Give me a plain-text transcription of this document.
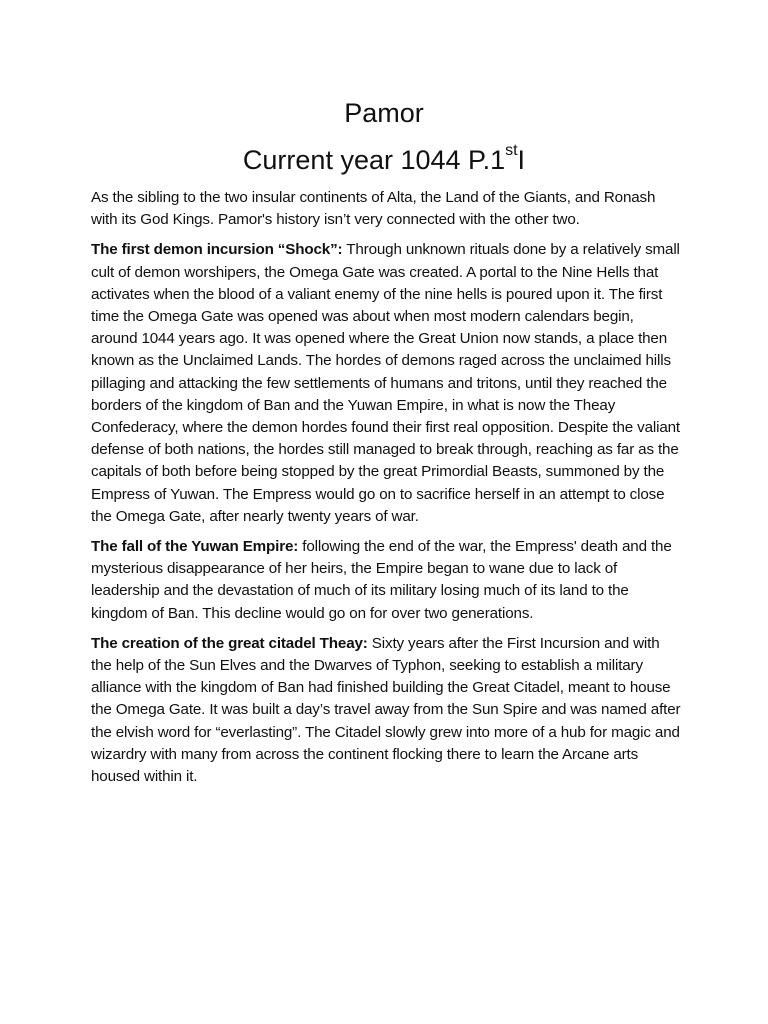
Pamor
Current year 1044 P.1stI

As the sibling to the two insular continents of Alta, the Land of the Giants, and Ronash with its God Kings. Pamor's history isn’t very connected with the other two.

The first demon incursion “Shock”: Through unknown rituals done by a relatively small cult of demon worshipers, the Omega Gate was created. A portal to the Nine Hells that activates when the blood of a valiant enemy of the nine hells is poured upon it. The first time the Omega Gate was opened was about when most modern calendars begin, around 1044 years ago. It was opened where the Great Union now stands, a place then known as the Unclaimed Lands. The hordes of demons raged across the unclaimed hills pillaging and attacking the few settlements of humans and tritons, until they reached the borders of the kingdom of Ban and the Yuwan Empire, in what is now the Theay Confederacy, where the demon hordes found their first real opposition. Despite the valiant defense of both nations, the hordes still managed to break through, reaching as far as the capitals of both before being stopped by the great Primordial Beasts, summoned by the Empress of Yuwan. The Empress would go on to sacrifice herself in an attempt to close the Omega Gate, after nearly twenty years of war.

The fall of the Yuwan Empire: following the end of the war, the Empress' death and the mysterious disappearance of her heirs, the Empire began to wane due to lack of leadership and the devastation of much of its military losing much of its land to the kingdom of Ban. This decline would go on for over two generations.

The creation of the great citadel Theay: Sixty years after the First Incursion and with the help of the Sun Elves and the Dwarves of Typhon, seeking to establish a military alliance with the kingdom of Ban had finished building the Great Citadel, meant to house the Omega Gate. It was built a day’s travel away from the Sun Spire and was named after the elvish word for “everlasting”. The Citadel slowly grew into more of a hub for magic and wizardry with many from across the continent flocking there to learn the Arcane arts housed within it.
